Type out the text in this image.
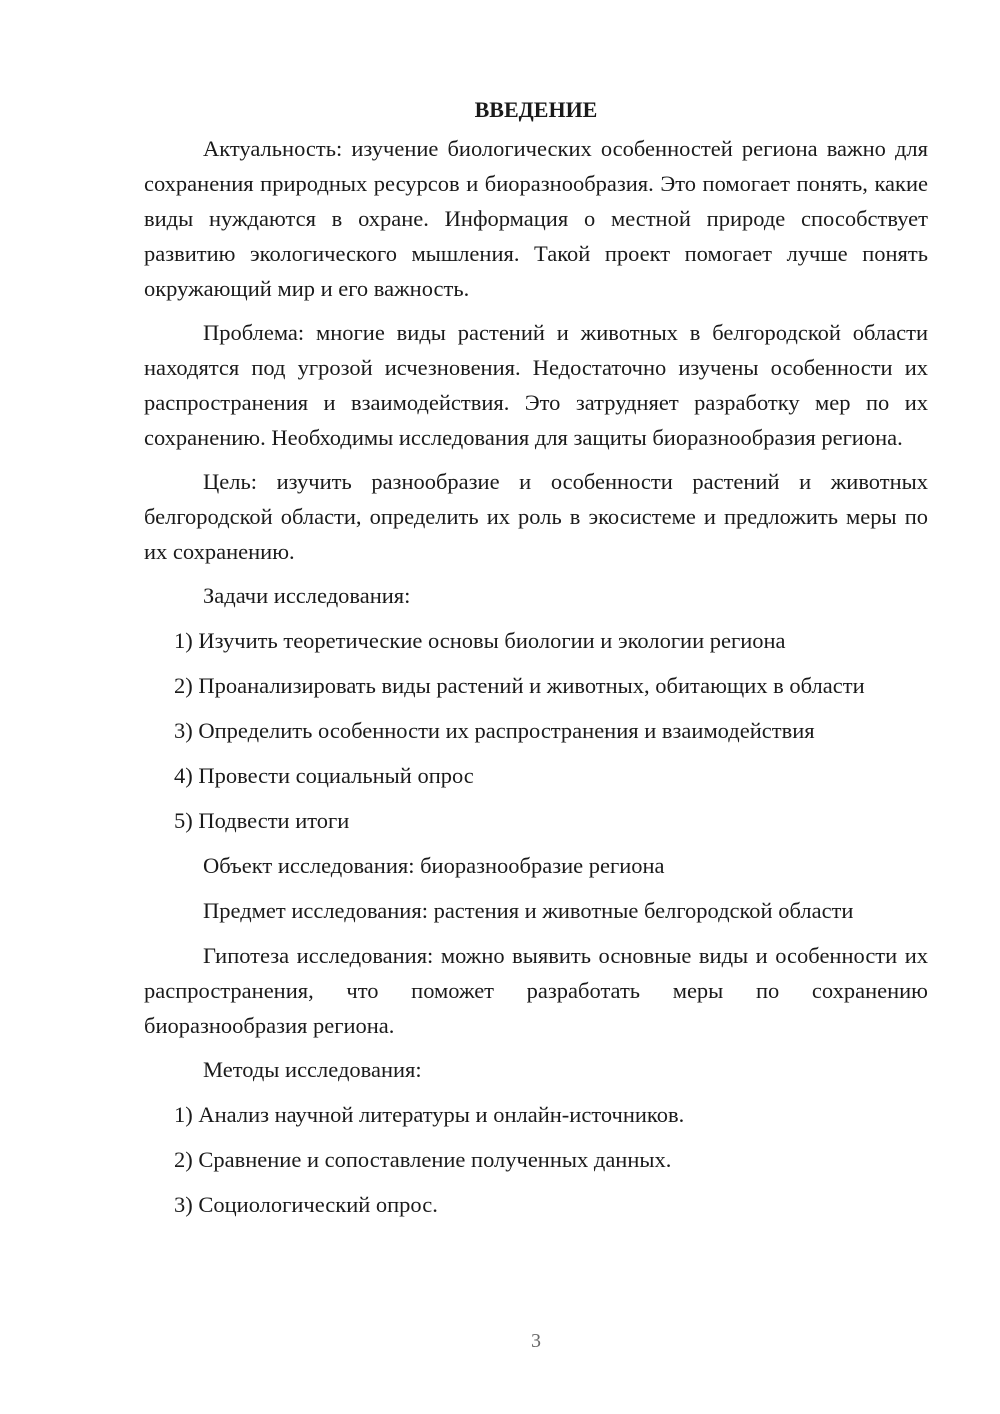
ВВЕДЕНИЕ

Актуальность: изучение биологических особенностей региона важно для сохранения природных ресурсов и биоразнообразия. Это помогает понять, какие виды нуждаются в охране. Информация о местной природе способствует развитию экологического мышления. Такой проект помогает лучше понять окружающий мир и его важность.

Проблема: многие виды растений и животных в белгородской области находятся под угрозой исчезновения. Недостаточно изучены особенности их распространения и взаимодействия. Это затрудняет разработку мер по их сохранению. Необходимы исследования для защиты биоразнообразия региона.

Цель: изучить разнообразие и особенности растений и животных белгородской области, определить их роль в экосистеме и предложить меры по их сохранению.

Задачи исследования:
1) Изучить теоретические основы биологии и экологии региона
2) Проанализировать виды растений и животных, обитающих в области
3) Определить особенности их распространения и взаимодействия
4) Провести социальный опрос
5) Подвести итоги
Объект исследования: биоразнообразие региона
Предмет исследования: растения и животные белгородской области

Гипотеза исследования: можно выявить основные виды и особенности их распространения, что поможет разработать меры по сохранению биоразнообразия региона.

Методы исследования:
1) Анализ научной литературы и онлайн-источников.
2) Сравнение и сопоставление полученных данных.
3) Социологический опрос.
3
